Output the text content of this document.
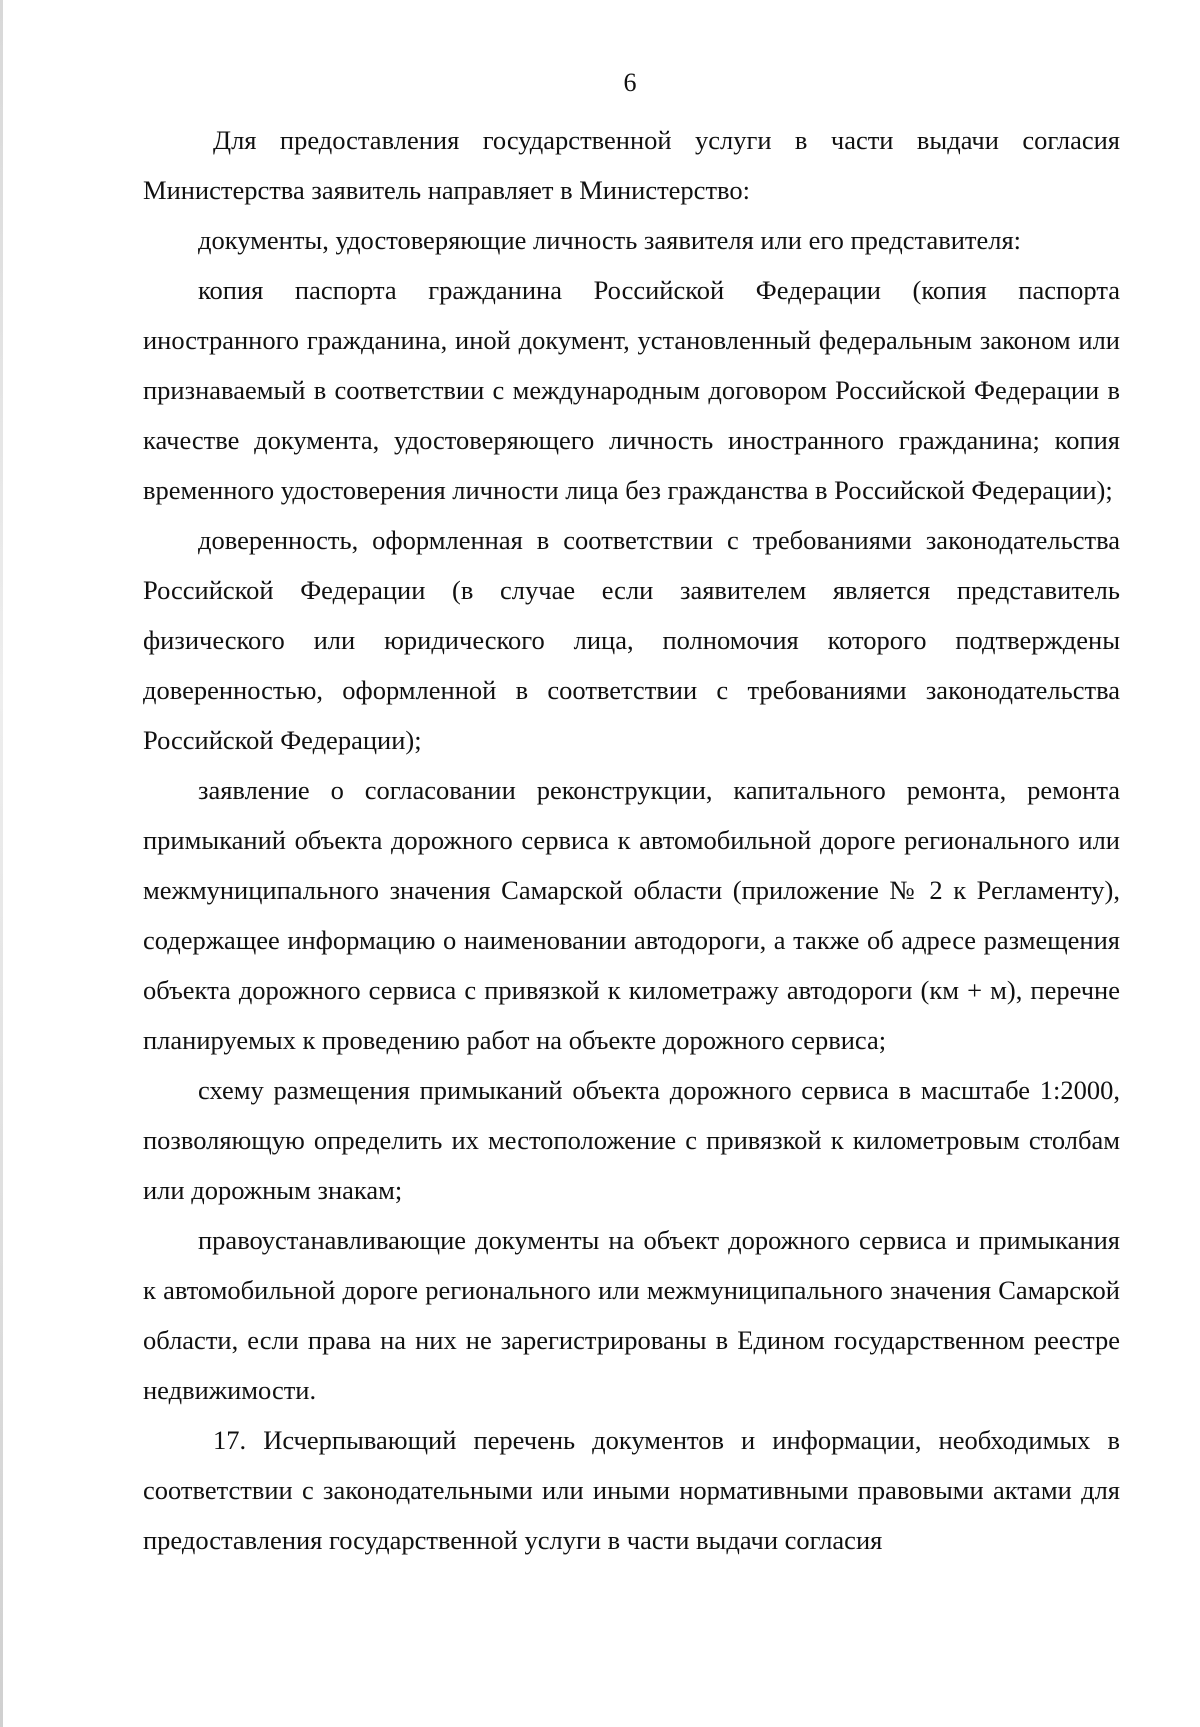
6

Для предоставления государственной услуги в части выдачи согласия Министерства заявитель направляет в Министерство:

документы, удостоверяющие личность заявителя или его представителя:

копия паспорта гражданина Российской Федерации (копия паспорта иностранного гражданина, иной документ, установленный федеральным законом или признаваемый в соответствии с международным договором Российской Федерации в качестве документа, удостоверяющего личность иностранного гражданина; копия временного удостоверения личности лица без гражданства в Российской Федерации);

доверенность, оформленная в соответствии с требованиями законодательства Российской Федерации (в случае если заявителем является представитель физического или юридического лица, полномочия которого подтверждены доверенностью, оформленной в соответствии с требованиями законодательства Российской Федерации);

заявление о согласовании реконструкции, капитального ремонта, ремонта примыканий объекта дорожного сервиса к автомобильной дороге регионального или межмуниципального значения Самарской области (приложение № 2 к Регламенту), содержащее информацию о наименовании автодороги, а также об адресе размещения объекта дорожного сервиса с привязкой к километражу автодороги (км + м), перечне планируемых к проведению работ на объекте дорожного сервиса;

схему размещения примыканий объекта дорожного сервиса в масштабе 1:2000, позволяющую определить их местоположение с привязкой к километровым столбам или дорожным знакам;

правоустанавливающие документы на объект дорожного сервиса и примыкания к автомобильной дороге регионального или межмуниципального значения Самарской области, если права на них не зарегистрированы в Едином государственном реестре недвижимости.

17. Исчерпывающий перечень документов и информации, необходимых в соответствии с законодательными или иными нормативными правовыми актами для предоставления государственной услуги в части выдачи согласия
